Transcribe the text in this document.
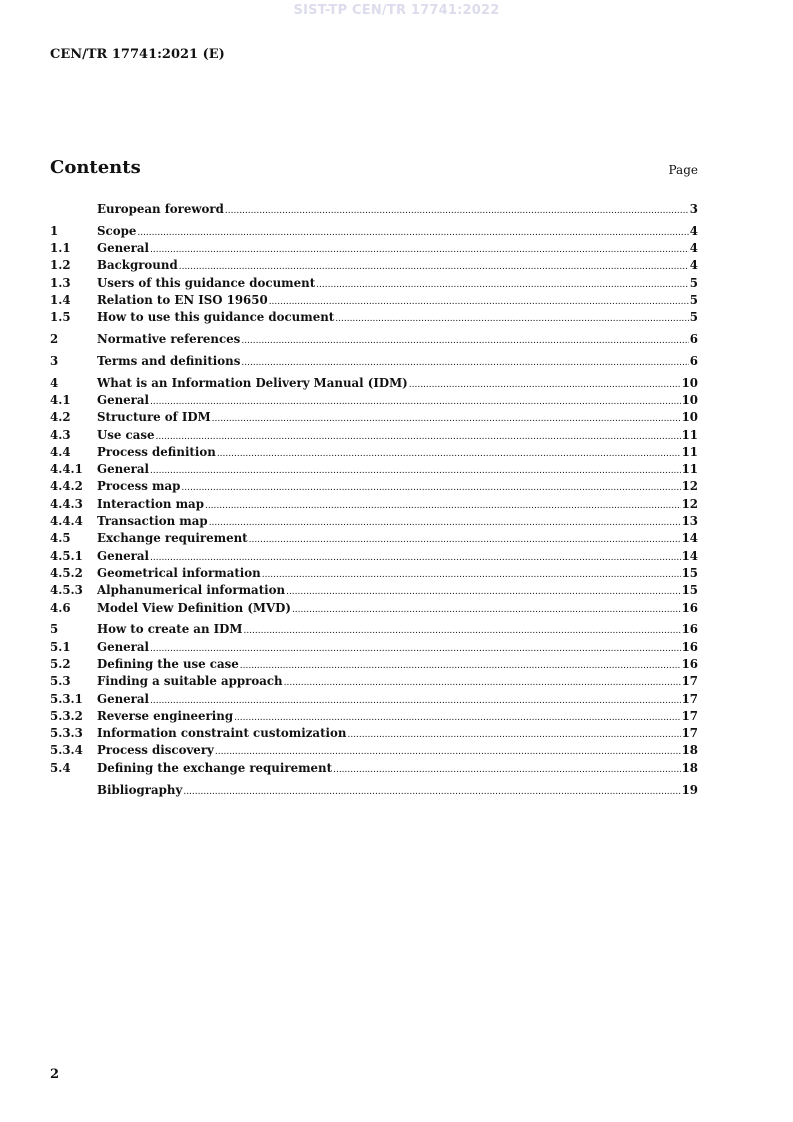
SIST-TP CEN/TR 17741:2022
CEN/TR 17741:2021 (E)
Contents	Page
European foreword .....	3
1	Scope .....	4
1.1	General .....	4
1.2	Background .....	4
1.3	Users of this guidance document .....	5
1.4	Relation to EN ISO 19650 .....	5
1.5	How to use this guidance document .....	5
2	Normative references .....	6
3	Terms and definitions .....	6
4	What is an Information Delivery Manual (IDM) .....	10
4.1	General .....	10
4.2	Structure of IDM .....	10
4.3	Use case .....	11
4.4	Process definition .....	11
4.4.1	General .....	11
4.4.2	Process map .....	12
4.4.3	Interaction map .....	12
4.4.4	Transaction map .....	13
4.5	Exchange requirement .....	14
4.5.1	General .....	14
4.5.2	Geometrical information .....	15
4.5.3	Alphanumerical information .....	15
4.6	Model View Definition (MVD) .....	16
5	How to create an IDM .....	16
5.1	General .....	16
5.2	Defining the use case .....	16
5.3	Finding a suitable approach .....	17
5.3.1	General .....	17
5.3.2	Reverse engineering .....	17
5.3.3	Information constraint customization .....	17
5.3.4	Process discovery .....	18
5.4	Defining the exchange requirement .....	18
Bibliography .....	19
2
